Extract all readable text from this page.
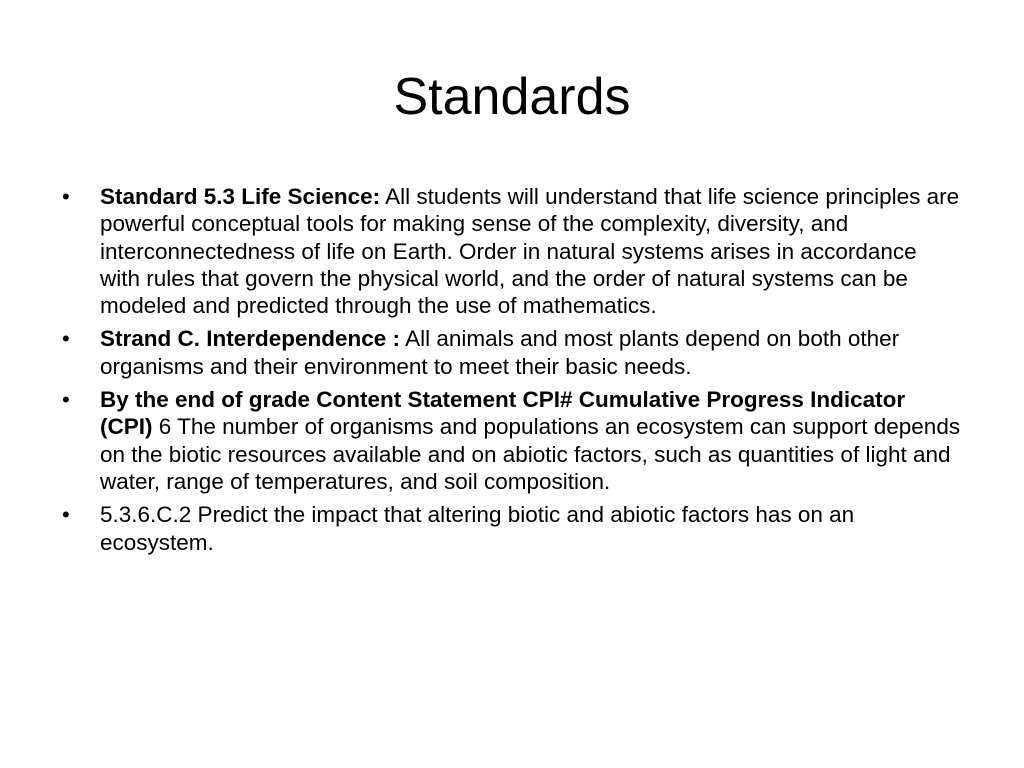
Standards
•	Standard 5.3 Life Science: All students will understand that life science principles are powerful conceptual tools for making sense of the complexity, diversity, and interconnectedness of life on Earth. Order in natural systems arises in accordance with rules that govern the physical world, and the order of natural systems can be modeled and predicted through the use of mathematics.
•	Strand C. Interdependence : All animals and most plants depend on both other organisms and their environment to meet their basic needs.
•	By the end of grade Content Statement CPI# Cumulative Progress Indicator (CPI) 6 The number of organisms and populations an ecosystem can support depends on the biotic resources available and on abiotic factors, such as quantities of light and water, range of temperatures, and soil composition.
•	5.3.6.C.2 Predict the impact that altering biotic and abiotic factors has on an ecosystem.
